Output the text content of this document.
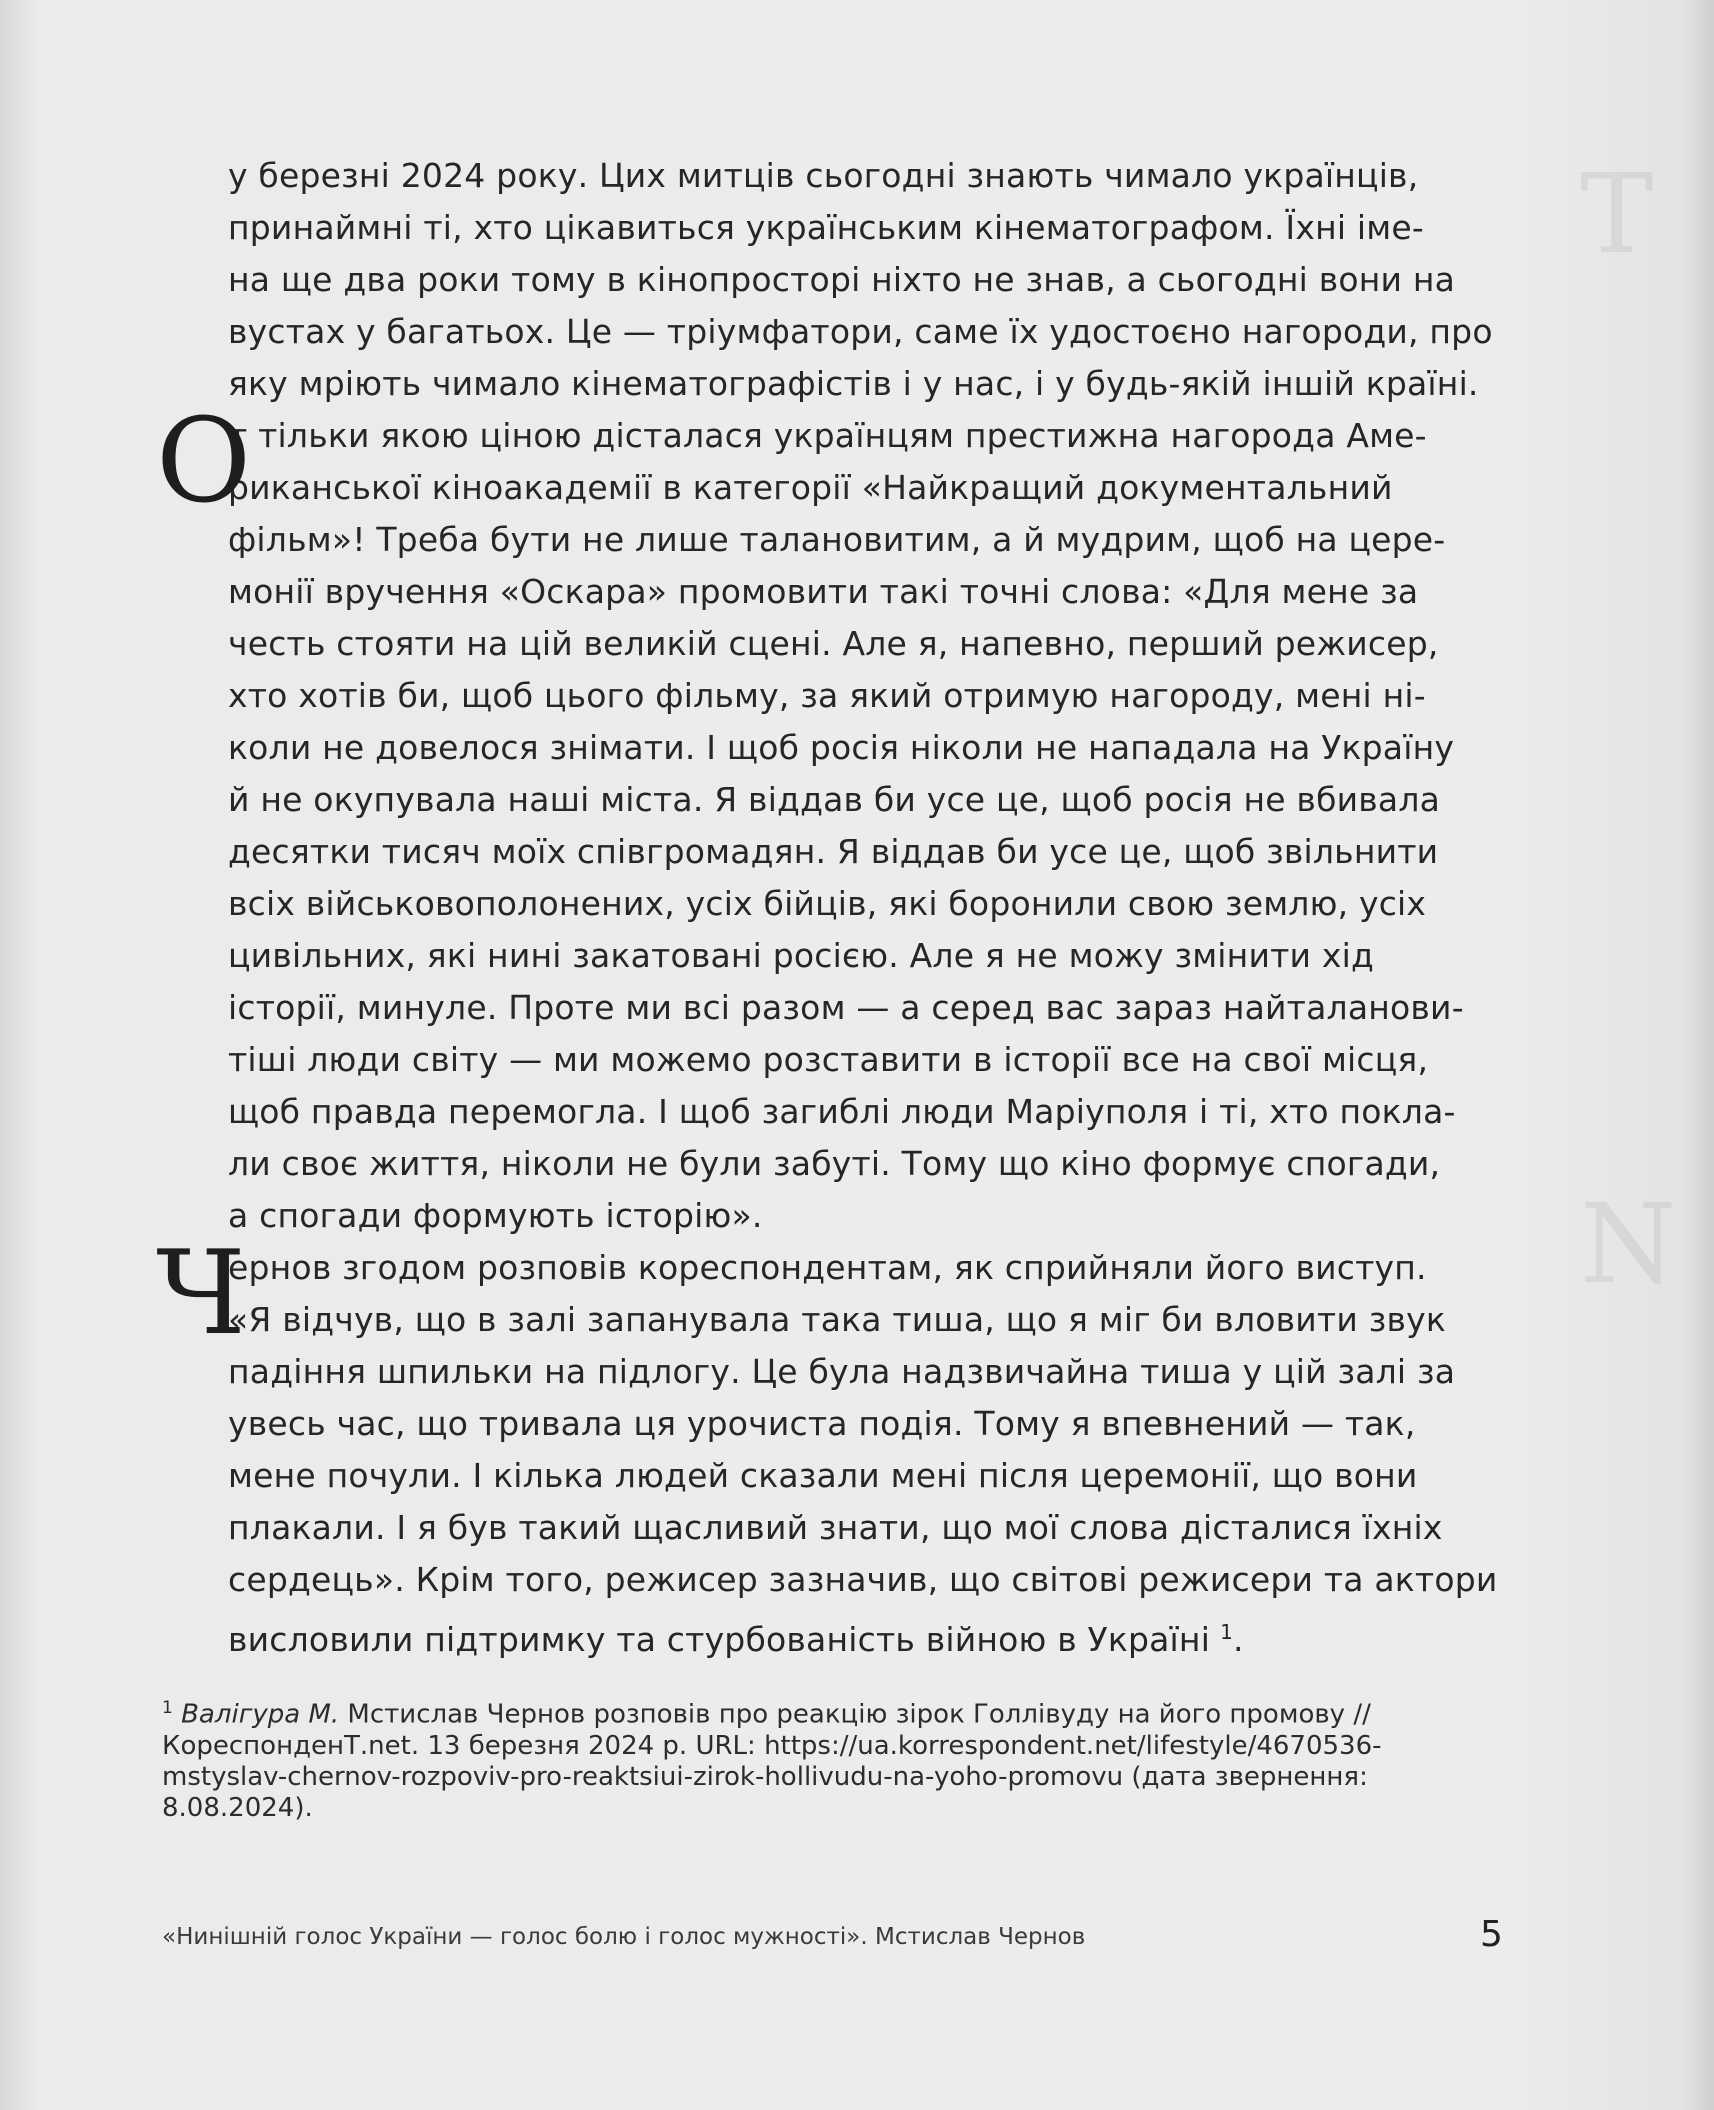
Т
N
у березні 2024 року. Цих митців сьогодні знають чимало українців,
принаймні ті, хто цікавиться українським кінематографом. Їхні іме-
на ще два роки тому в кінопросторі ніхто не знав, а сьогодні вони на
вустах у багатьох. Це — тріумфатори, саме їх удостоєно нагороди, про
яку мріють чимало кінематографістів і у нас, і у будь-якій іншій країні.
О
т тільки якою ціною дісталася українцям престижна нагорода Аме-
риканської кіноакадемії в категорії «Найкращий документальний
фільм»! Треба бути не лише талановитим, а й мудрим, щоб на цере-
монії вручення «Оскара» промовити такі точні слова: «Для мене за
честь стояти на цій великій сцені. Але я, напевно, перший режисер,
хто хотів би, щоб цього фільму, за який отримую нагороду, мені ні-
коли не довелося знімати. І щоб росія ніколи не нападала на Україну
й не окупувала наші міста. Я віддав би усе це, щоб росія не вбивала
десятки тисяч моїх співгромадян. Я віддав би усе це, щоб звільнити
всіх військовополонених, усіх бійців, які боронили свою землю, усіх
цивільних, які нині закатовані росією. Але я не можу змінити хід
історії, минуле. Проте ми всі разом — а серед вас зараз найталанови-
тіші люди світу — ми можемо розставити в історії все на свої місця,
щоб правда перемогла. І щоб загиблі люди Маріуполя і ті, хто покла-
ли своє життя, ніколи не були забуті. Тому що кіно формує спогади,
а спогади формують історію».
Ч
ернов згодом розповів кореспондентам, як сприйняли його виступ.
«Я відчув, що в залі запанувала така тиша, що я міг би вловити звук
падіння шпильки на підлогу. Це була надзвичайна тиша у цій залі за
увесь час, що тривала ця урочиста подія. Тому я впевнений — так,
мене почули. І кілька людей сказали мені після церемонії, що вони
плакали. І я був такий щасливий знати, що мої слова дісталися їхніх
сердець». Крім того, режисер зазначив, що світові режисери та актори
висловили підтримку та стурбованість війною в Україні $^1$.
$^1$ Валігура М. Мстислав Чернов розповів про реакцію зірок Голлівуду на його промову //
КореспонденТ.net. 13 березня 2024 р. URL: https://ua.korrespondent.net/lifestyle/4670536-
mstyslav-chernov-rozpoviv-pro-reaktsiui-zirok-hollivudu-na-yoho-promovu (дата звернення:
8.08.2024).
«Нинішній голос України — голос болю і голос мужності». Мстислав Чернов	5
